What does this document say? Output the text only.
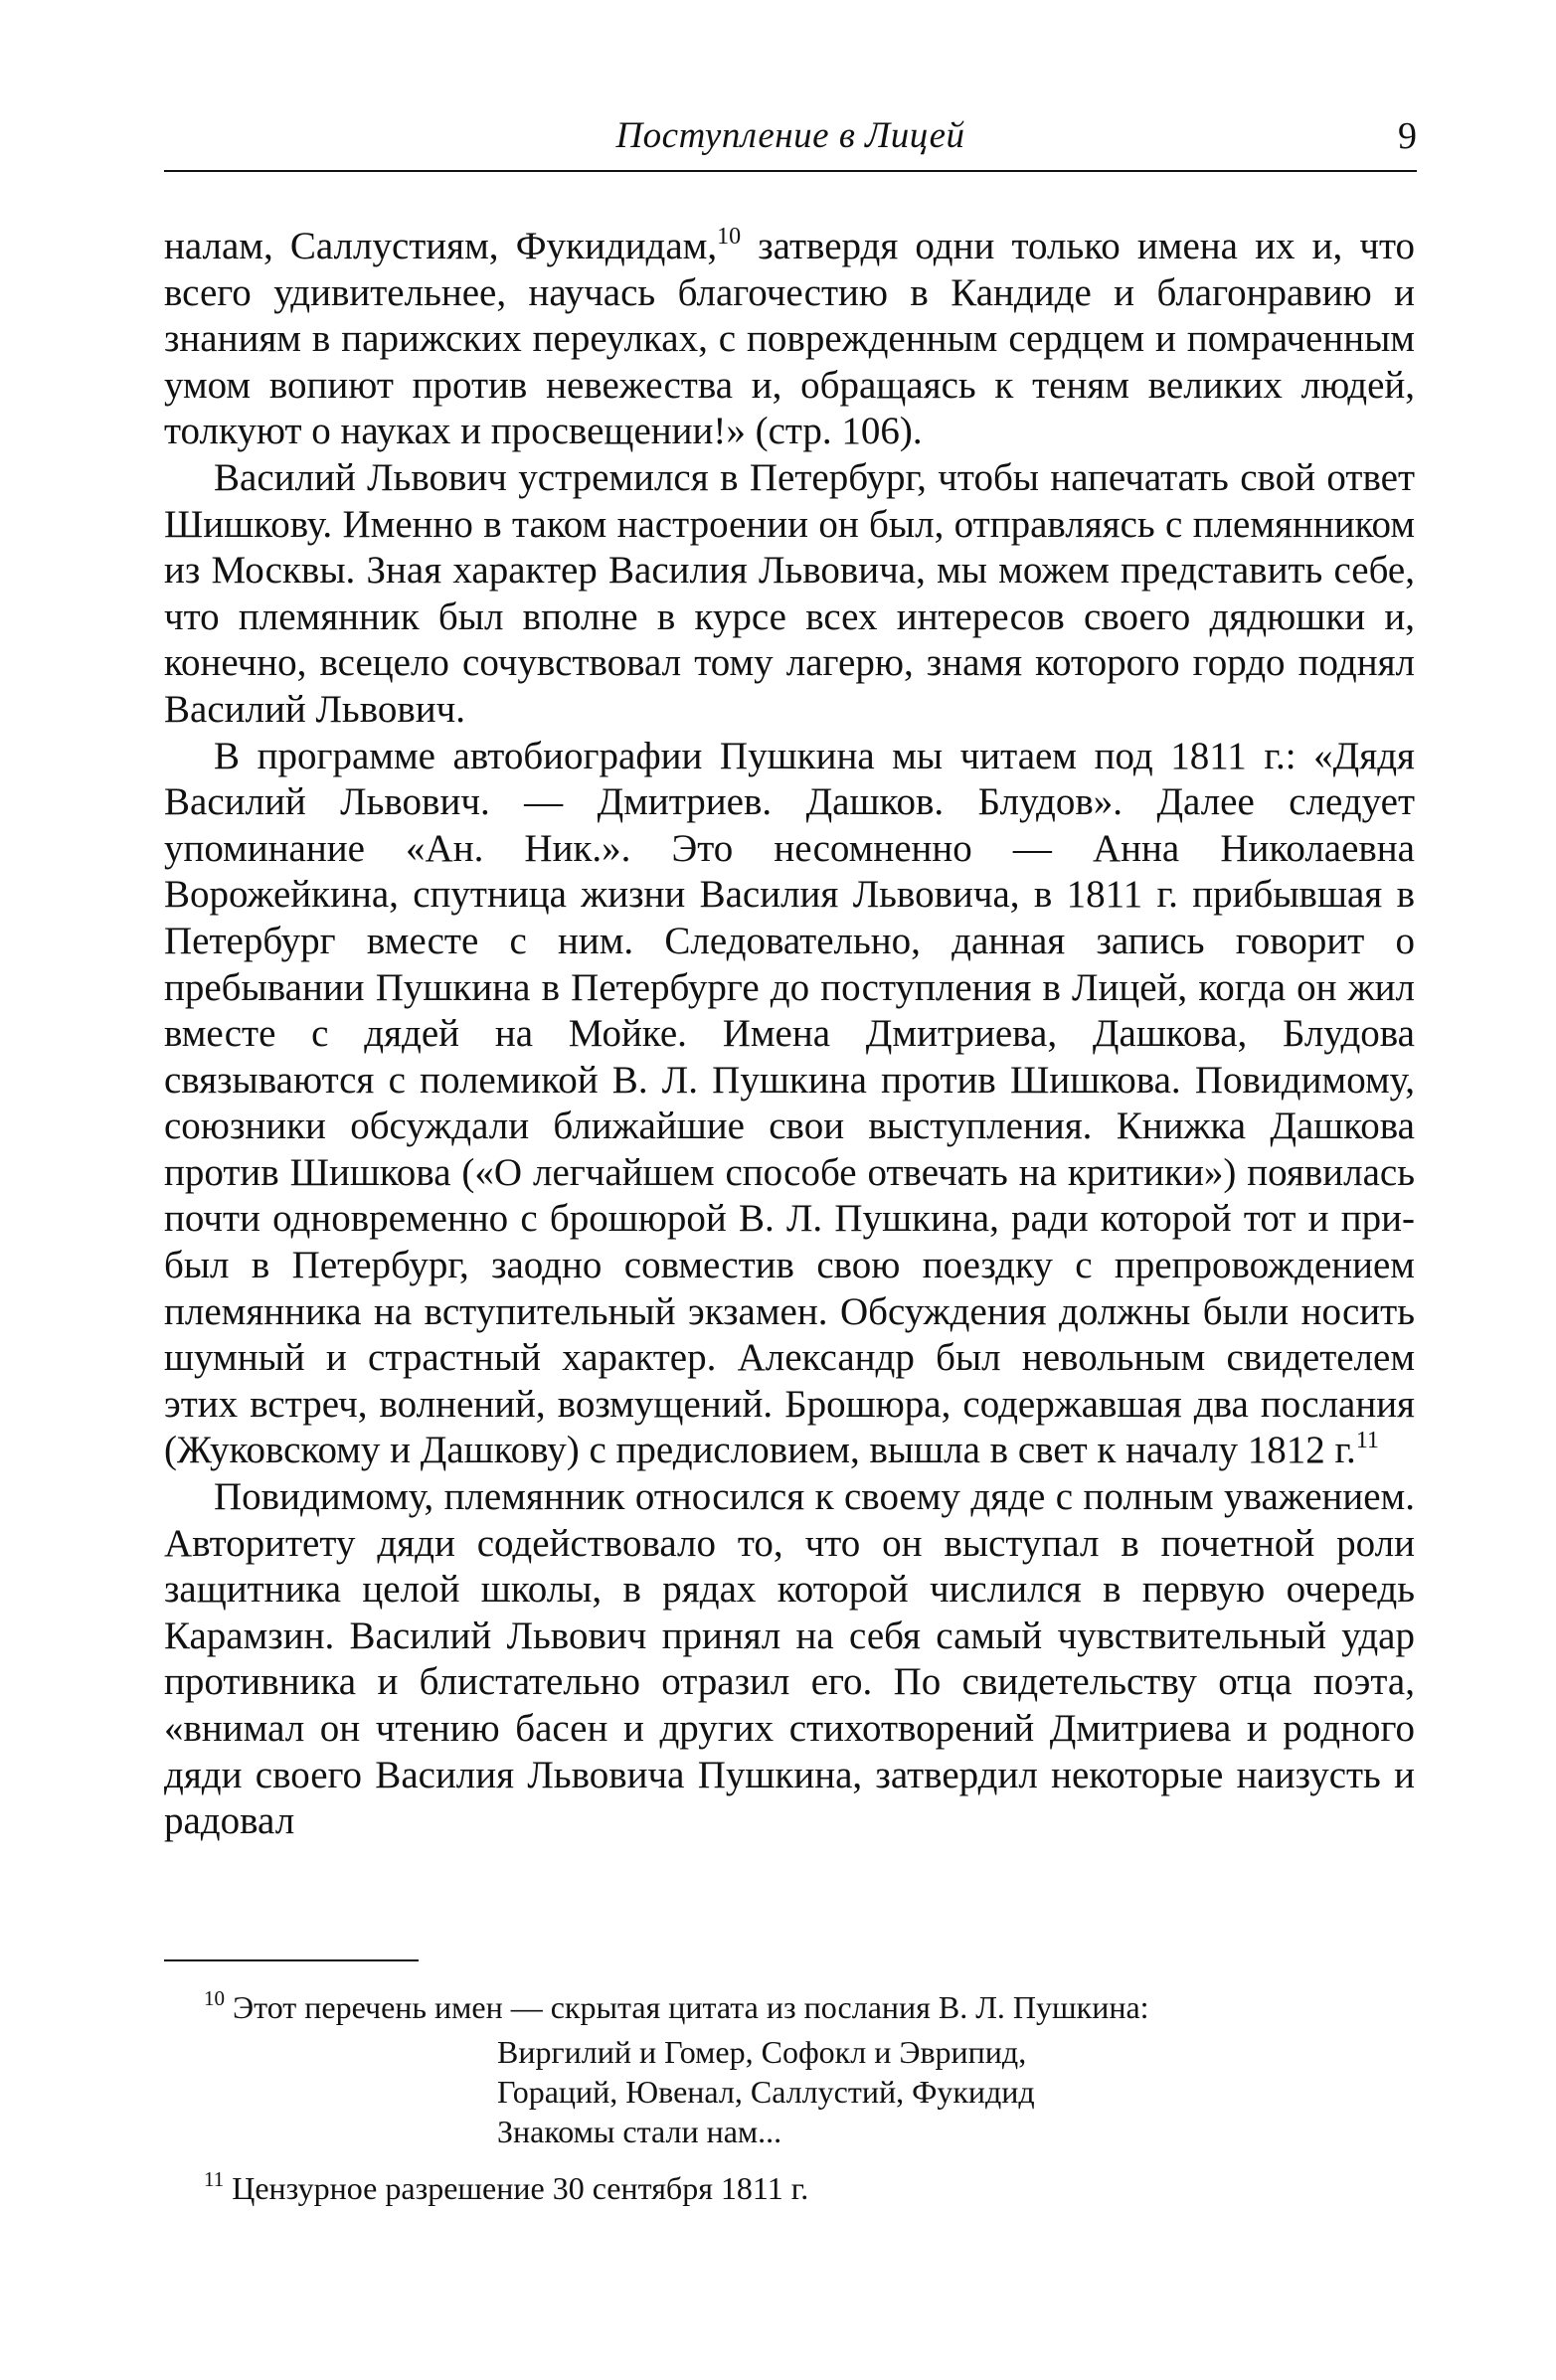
Поступление в Лицей	9

налам, Саллустиям, Фукидидам,$^{10}$ затвердя одни только имена их и, что всего удивительнее, научась благочестию в Кандиде и благонравию и знаниям в парижских переулках, с поврежденным сердцем и помраченным умом вопиют против невежества и, обращаясь к теням великих людей, толкуют о науках и просвещении!» (стр. 106).

Василий Львович устремился в Петербург, чтобы напечатать свой ответ Шишкову. Именно в таком настроении он был, отправляясь с племянником из Москвы. Зная характер Василия Львовича, мы можем представить себе, что племянник был вполне в курсе всех интересов своего дядюшки и, конечно, всецело сочувствовал тому лагерю, знамя которого гордо поднял Василий Львович.

В программе автобиографии Пушкина мы читаем под 1811 г.: «Дядя Василий Львович. — Дмитриев. Дашков. Блудов». Далее следует упоминание «Ан. Ник.». Это несомненно — Анна Николаевна Ворожейкина, спутница жизни Василия Львовича, в 1811 г. прибывшая в Петербург вместе с ним. Следовательно, данная запись говорит о пребывании Пушкина в Петербурге до поступления в Лицей, когда он жил вместе с дядей на Мойке. Имена Дмитриева, Дашкова, Блудова связываются с полемикой В. Л. Пушкина против Шишкова. Повидимому, союзники обсуждали ближайшие свои выступления. Книжка Дашкова против Шишкова («О легчайшем способе отвечать на критики») появилась почти одновременно с брошюрой В. Л. Пушкина, ради которой тот и прибыл в Петербург, заодно совместив свою поездку с препровождением племянника на вступительный экзамен. Обсуждения должны были носить шумный и страстный характер. Александр был невольным свидетелем этих встреч, волнений, возмущений. Брошюра, содержавшая два послания (Жуковскому и Дашкову) с предисловием, вышла в свет к началу 1812 г.$^{11}$

Повидимому, племянник относился к своему дяде с полным уважением. Авторитету дяди содействовало то, что он выступал в почетной роли защитника целой школы, в рядах которой числился в первую очередь Карамзин. Василий Львович принял на себя самый чувствительный удар противника и блистательно отразил его. По свидетельству отца поэта, «внимал он чтению басен и других стихотворений Дмитриева и родного дяди своего Василия Львовича Пушкина, затвердил некоторые наизусть и радовал

$^{10}$ Этот перечень имен — скрытая цитата из послания В. Л. Пушкина:
Виргилий и Гомер, Софокл и Эврипид,
Гораций, Ювенал, Саллустий, Фукидид
Знакомы стали нам...
$^{11}$ Цензурное разрешение 30 сентября 1811 г.
